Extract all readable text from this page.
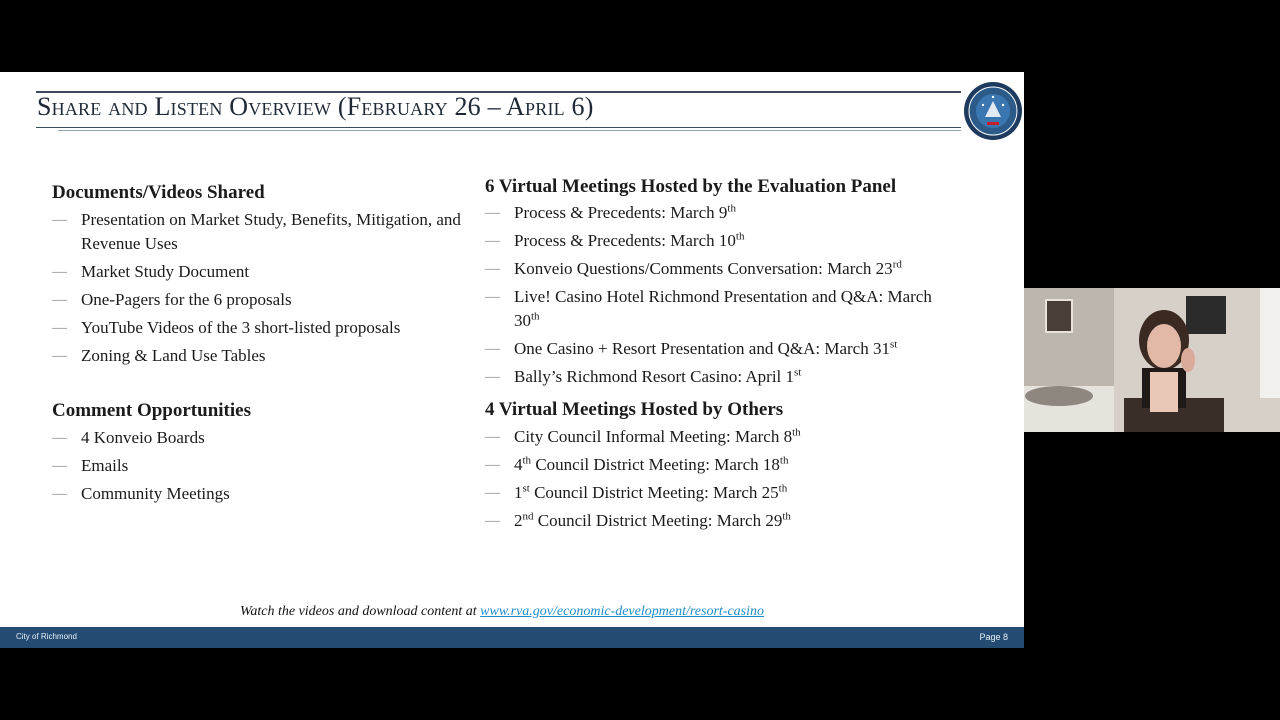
Share and Listen Overview (February 26 – April 6)
Documents/Videos Shared
— Presentation on Market Study, Benefits, Mitigation, and Revenue Uses
— Market Study Document
— One-Pagers for the 6 proposals
— YouTube Videos of the 3 short-listed proposals
— Zoning & Land Use Tables
Comment Opportunities
— 4 Konveio Boards
— Emails
— Community Meetings
6 Virtual Meetings Hosted by the Evaluation Panel
— Process & Precedents: March 9th
— Process & Precedents: March 10th
— Konveio Questions/Comments Conversation: March 23rd
— Live! Casino Hotel Richmond Presentation and Q&A: March 30th
— One Casino + Resort Presentation and Q&A: March 31st
— Bally’s Richmond Resort Casino: April 1st
4 Virtual Meetings Hosted by Others
— City Council Informal Meeting: March 8th
— 4th Council District Meeting: March 18th
— 1st Council District Meeting: March 25th
— 2nd Council District Meeting: March 29th
Watch the videos and download content at www.rva.gov/economic-development/resort-casino
City of Richmond	Page 8
